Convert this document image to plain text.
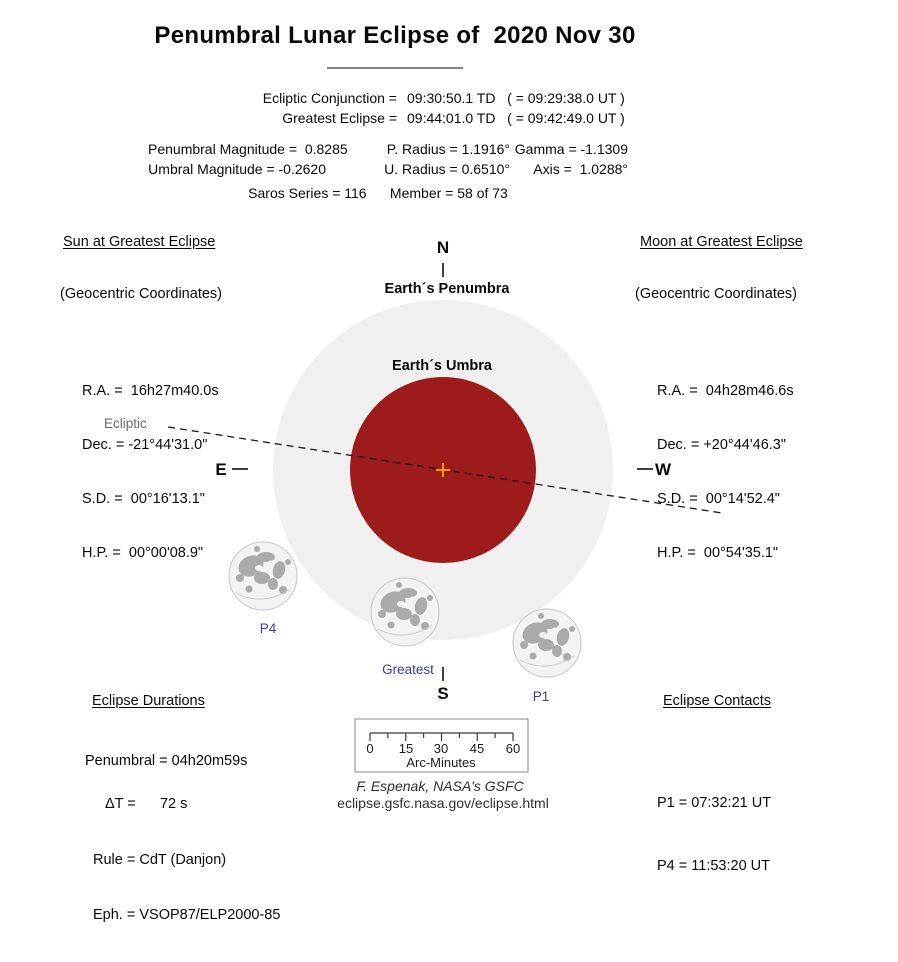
Penumbral Lunar Eclipse of  2020 Nov 30
Ecliptic Conjunction = 09:30:50.1 TD   ( = 09:29:38.0 UT )
Greatest Eclipse = 09:44:01.0 TD   ( = 09:42:49.0 UT )
Penumbral Magnitude =  0.8285	P. Radius = 1.1916° Gamma = -1.1309
Umbral Magnitude = -0.2620	U. Radius = 0.6510°	Axis =  1.0288°
Saros Series = 116      Member = 58 of 73

Sun at Greatest Eclipse

(Geocentric Coordinates)

R.A. =  16h27m40.0s

Dec. = -21°44'31.0"

S.D. =  00°16'13.1"

H.P. =  00°00'08.9"

Moon at Greatest Eclipse

(Geocentric Coordinates)

R.A. =  04h28m46.6s

Dec. = +20°44'46.3"

S.D. =  00°14'52.4"

H.P. =  00°54'35.1"

N
S
E	W
Earth´s Penumbra
Earth´s Umbra
Ecliptic
P4
Greatest
P1

Eclipse Durations

Penumbral = 04h20m59s

Eclipse Contacts

P1 = 07:32:21 UT

P4 = 11:53:20 UT

0 15 30 45 60
Arc-Minutes

ΔT =      72 s

Rule = CdT (Danjon)

Eph. = VSOP87/ELP2000-85

F. Espenak, NASA's GSFC
eclipse.gsfc.nasa.gov/eclipse.html
